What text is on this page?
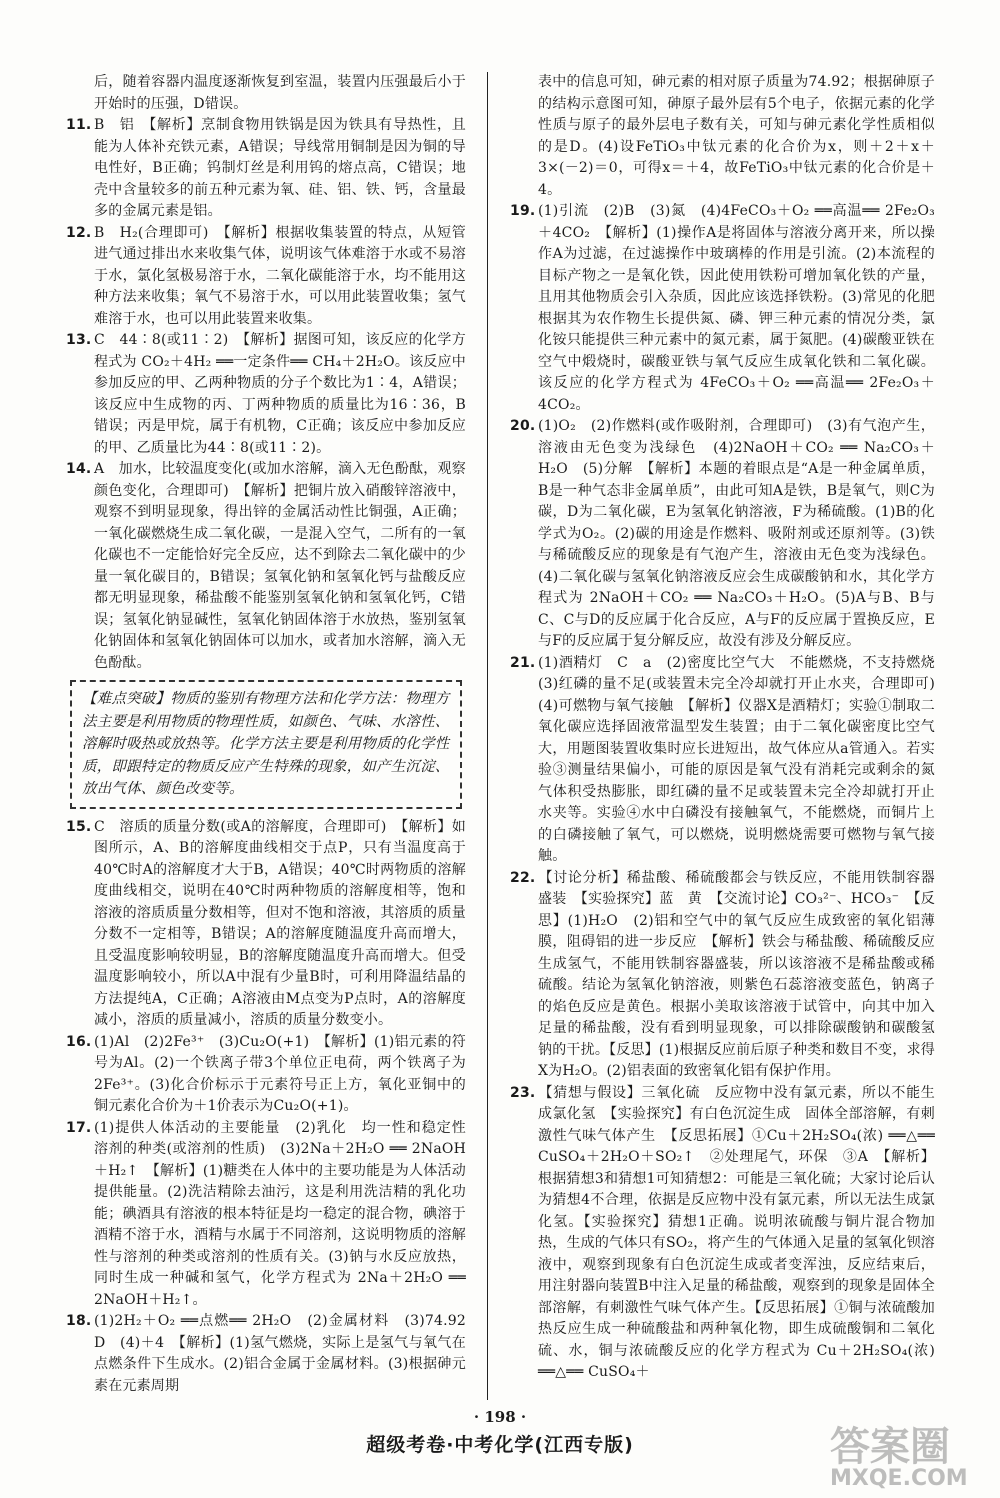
后，随着容器内温度逐渐恢复到室温，装置内压强最后小于开始时的压强，D错误。

11. B　铝　【解析】烹制食物用铁锅是因为铁具有导热性，且能为人体补充铁元素，A错误；导线常用铜制是因为铜的导电性好，B正确；钨制灯丝是利用钨的熔点高，C错误；地壳中含量较多的前五种元素为氧、硅、铝、铁、钙，含量最多的金属元素是铝。

12. B　H₂(合理即可)　【解析】根据收集装置的特点，从短管进气通过排出水来收集气体，说明该气体难溶于水或不易溶于水，氯化氢极易溶于水，二氧化碳能溶于水，均不能用这种方法来收集；氧气不易溶于水，可以用此装置收集；氢气难溶于水，也可以用此装置来收集。

13. C　44∶8(或11∶2)　【解析】据图可知，该反应的化学方程式为 CO₂＋4H₂ ══一定条件══ CH₄＋2H₂O。该反应中参加反应的甲、乙两种物质的分子个数比为1∶4，A错误；该反应中生成物的丙、丁两种物质的质量比为16∶36，B错误；丙是甲烷，属于有机物，C正确；该反应中参加反应的甲、乙质量比为44∶8(或11∶2)。

14. A　加水，比较温度变化(或加水溶解，滴入无色酚酞，观察颜色变化，合理即可)　【解析】把铜片放入硝酸锌溶液中，观察不到明显现象，得出锌的金属活动性比铜强，A正确；一氧化碳燃烧生成二氧化碳，一是混入空气，二所有的一氧化碳也不一定能恰好完全反应，达不到除去二氧化碳中的少量一氧化碳目的，B错误；氢氧化钠和氢氧化钙与盐酸反应都无明显现象，稀盐酸不能鉴别氢氧化钠和氢氧化钙，C错误；氢氧化钠显碱性，氢氧化钠固体溶于水放热，鉴别氢氧化钠固体和氢氧化钠固体可以加水，或者加水溶解，滴入无色酚酞。

【难点突破】物质的鉴别有物理方法和化学方法：物理方法主要是利用物质的物理性质，如颜色、气味、水溶性、溶解时吸热或放热等。化学方法主要是利用物质的化学性质，即跟特定的物质反应产生特殊的现象，如产生沉淀、放出气体、颜色改变等。

15. C　溶质的质量分数(或A的溶解度，合理即可)　【解析】如图所示，A、B的溶解度曲线相交于点P，只有当温度高于40℃时A的溶解度才大于B，A错误；40℃时两物质的溶解度曲线相交，说明在40℃时两种物质的溶解度相等，饱和溶液的溶质质量分数相等，但对不饱和溶液，其溶质的质量分数不一定相等，B错误；A的溶解度随温度升高而增大，且受温度影响较明显，B的溶解度随温度升高而增大。但受温度影响较小，所以A中混有少量B时，可利用降温结晶的方法提纯A，C正确；A溶液由M点变为P点时，A的溶解度减小，溶质的质量减小，溶质的质量分数变小。

16. (1)Al　(2)2Fe³⁺　(3)Cu₂O(+1)　【解析】(1)铝元素的符号为Al。(2)一个铁离子带3个单位正电荷，两个铁离子为2Fe³⁺。(3)化合价标示于元素符号正上方，氧化亚铜中的铜元素化合价为＋1价表示为Cu₂O(+1)。

17. (1)提供人体活动的主要能量　(2)乳化　均一性和稳定性　溶剂的种类(或溶剂的性质)　(3)2Na＋2H₂O ══ 2NaOH＋H₂↑　【解析】(1)糖类在人体中的主要功能是为人体活动提供能量。(2)洗洁精除去油污，这是利用洗洁精的乳化功能；碘酒具有溶液的根本特征是均一稳定的混合物，碘溶于酒精不溶于水，酒精与水属于不同溶剂，这说明物质的溶解性与溶剂的种类或溶剂的性质有关。(3)钠与水反应放热，同时生成一种碱和氢气，化学方程式为 2Na＋2H₂O ══ 2NaOH＋H₂↑。

18. (1)2H₂＋O₂ ══点燃══ 2H₂O　(2)金属材料　(3)74.92　D　(4)＋4　【解析】(1)氢气燃烧，实际上是氢气与氧气在点燃条件下生成水。(2)铝合金属于金属材料。(3)根据砷元素在元素周期

表中的信息可知，砷元素的相对原子质量为74.92；根据砷原子的结构示意图可知，砷原子最外层有5个电子，依据元素的化学性质与原子的最外层电子数有关，可知与砷元素化学性质相似的是D。(4)设FeTiO₃中钛元素的化合价为x，则＋2＋x＋3×(－2)＝0，可得x＝＋4，故FeTiO₃中钛元素的化合价是＋4。

19. (1)引流　(2)B　(3)氮　(4)4FeCO₃＋O₂ ══高温══ 2Fe₂O₃＋4CO₂　【解析】(1)操作A是将固体与溶液分离开来，所以操作A为过滤，在过滤操作中玻璃棒的作用是引流。(2)本流程的目标产物之一是氧化铁，因此使用铁粉可增加氧化铁的产量，且用其他物质会引入杂质，因此应该选择铁粉。(3)常见的化肥根据其为农作物生长提供氮、磷、钾三种元素的情况分类，氯化铵只能提供三种元素中的氮元素，属于氮肥。(4)碳酸亚铁在空气中煅烧时，碳酸亚铁与氧气反应生成氧化铁和二氧化碳。该反应的化学方程式为 4FeCO₃＋O₂ ══高温══ 2Fe₂O₃＋4CO₂。

20. (1)O₂　(2)作燃料(或作吸附剂，合理即可)　(3)有气泡产生，溶液由无色变为浅绿色　(4)2NaOH＋CO₂ ══ Na₂CO₃＋H₂O　(5)分解　【解析】本题的着眼点是“A是一种金属单质，B是一种气态非金属单质”，由此可知A是铁，B是氧气，则C为碳，D为二氧化碳，E为氢氧化钠溶液，F为稀硫酸。(1)B的化学式为O₂。(2)碳的用途是作燃料、吸附剂或还原剂等。(3)铁与稀硫酸反应的现象是有气泡产生，溶液由无色变为浅绿色。(4)二氧化碳与氢氧化钠溶液反应会生成碳酸钠和水，其化学方程式为 2NaOH＋CO₂ ══ Na₂CO₃＋H₂O。(5)A与B、B与C、C与D的反应属于化合反应，A与F的反应属于置换反应，E与F的反应属于复分解反应，故没有涉及分解反应。

21. (1)酒精灯　C　a　(2)密度比空气大　不能燃烧，不支持燃烧　(3)红磷的量不足(或装置未完全冷却就打开止水夹，合理即可)　(4)可燃物与氧气接触　【解析】仪器X是酒精灯；实验①制取二氧化碳应选择固液常温型发生装置；由于二氧化碳密度比空气大，用题图装置收集时应长进短出，故气体应从a管通入。若实验③测量结果偏小，可能的原因是氧气没有消耗完或剩余的氮气体积受热膨胀，即红磷的量不足或装置未完全冷却就打开止水夹等。实验④水中白磷没有接触氧气，不能燃烧，而铜片上的白磷接触了氧气，可以燃烧，说明燃烧需要可燃物与氧气接触。

22. 【讨论分析】稀盐酸、稀硫酸都会与铁反应，不能用铁制容器盛装　【实验探究】蓝　黄　【交流讨论】CO₃²⁻、HCO₃⁻　【反思】(1)H₂O　(2)铝和空气中的氧气反应生成致密的氧化铝薄膜，阻碍铝的进一步反应　【解析】铁会与稀盐酸、稀硫酸反应生成氢气，不能用铁制容器盛装，所以该溶液不是稀盐酸或稀硫酸。结论为氢氧化钠溶液，则紫色石蕊溶液变蓝色，钠离子的焰色反应是黄色。根据小美取该溶液于试管中，向其中加入足量的稀盐酸，没有看到明显现象，可以排除碳酸钠和碳酸氢钠的干扰。【反思】(1)根据反应前后原子种类和数目不变，求得X为H₂O。(2)铝表面的致密氧化铝有保护作用。

23. 【猜想与假设】三氧化硫　反应物中没有氯元素，所以不能生成氯化氢　【实验探究】有白色沉淀生成　固体全部溶解，有刺激性气味气体产生　【反思拓展】①Cu＋2H₂SO₄(浓) ══△══ CuSO₄＋2H₂O＋SO₂↑　②处理尾气，环保　③A　【解析】根据猜想3和猜想1可知猜想2：可能是三氧化硫；大家讨论后认为猜想4不合理，依据是反应物中没有氯元素，所以无法生成氯化氢。【实验探究】猜想1正确。说明浓硫酸与铜片混合物加热，生成的气体只有SO₂，将产生的气体通入足量的氢氧化钡溶液中，观察到现象有白色沉淀生成或者变浑浊，反应结束后，用注射器向装置B中注入足量的稀盐酸，观察到的现象是固体全部溶解，有刺激性气味气体产生。【反思拓展】①铜与浓硫酸加热反应生成一种硫酸盐和两种氧化物，即生成硫酸铜和二氧化硫、水，铜与浓硫酸反应的化学方程式为 Cu＋2H₂SO₄(浓) ══△══ CuSO₄＋

· 198 ·
超级考卷·中考化学(江西专版)	答案圈
MXQE.COM
